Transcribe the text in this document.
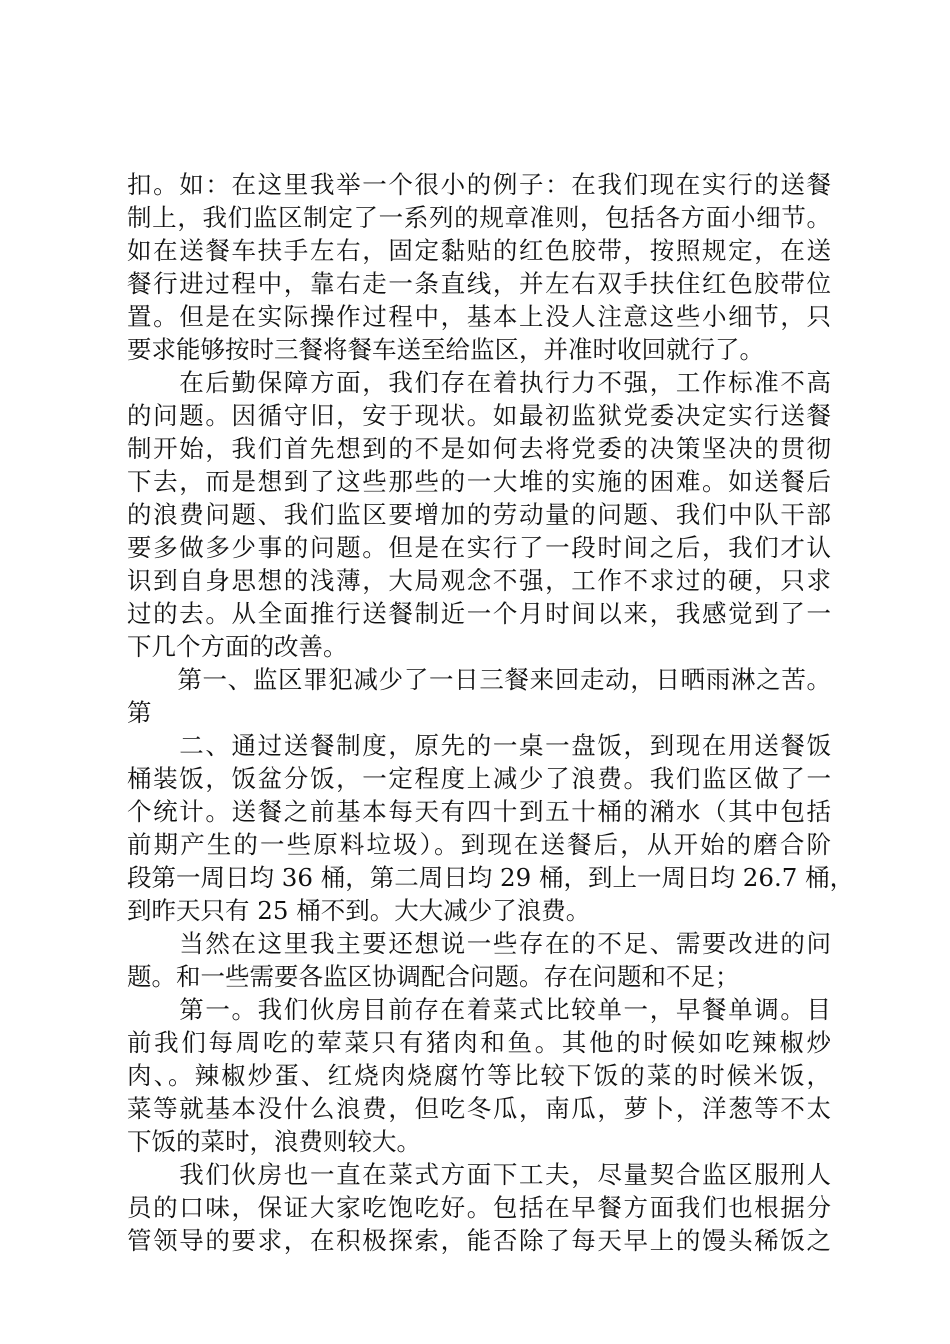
扣。如：在这里我举一个很小的例子：在我们现在实行的送餐
制上，我们监区制定了一系列的规章准则，包括各方面小细节。
如在送餐车扶手左右，固定黏贴的红色胶带，按照规定，在送
餐行进过程中，靠右走一条直线，并左右双手扶住红色胶带位
置。但是在实际操作过程中，基本上没人注意这些小细节，只
要求能够按时三餐将餐车送至给监区，并准时收回就行了。
　　在后勤保障方面，我们存在着执行力不强，工作标准不高
的问题。因循守旧，安于现状。如最初监狱党委决定实行送餐
制开始，我们首先想到的不是如何去将党委的决策坚决的贯彻
下去，而是想到了这些那些的一大堆的实施的困难。如送餐后
的浪费问题、我们监区要增加的劳动量的问题、我们中队干部
要多做多少事的问题。但是在实行了一段时间之后，我们才认
识到自身思想的浅薄，大局观念不强，工作不求过的硬，只求
过的去。从全面推行送餐制近一个月时间以来，我感觉到了一
下几个方面的改善。
　　第一、监区罪犯减少了一日三餐来回走动，日晒雨淋之苦。
第
　　二、通过送餐制度，原先的一桌一盘饭，到现在用送餐饭
桶装饭，饭盆分饭，一定程度上减少了浪费。我们监区做了一
个统计。送餐之前基本每天有四十到五十桶的潲水（其中包括
前期产生的一些原料垃圾）。到现在送餐后，从开始的磨合阶
段第一周日均 36 桶，第二周日均 29 桶，到上一周日均 26.7 桶，
到昨天只有 25 桶不到。大大减少了浪费。
　　当然在这里我主要还想说一些存在的不足、需要改进的问
题。和一些需要各监区协调配合问题。存在问题和不足；
　　第一。我们伙房目前存在着菜式比较单一，早餐单调。目
前我们每周吃的荤菜只有猪肉和鱼。其他的时候如吃辣椒炒
肉、。辣椒炒蛋、红烧肉烧腐竹等比较下饭的菜的时候米饭，
菜等就基本没什么浪费，但吃冬瓜，南瓜，萝卜，洋葱等不太
下饭的菜时，浪费则较大。
　　我们伙房也一直在菜式方面下工夫，尽量契合监区服刑人
员的口味，保证大家吃饱吃好。包括在早餐方面我们也根据分
管领导的要求，在积极探索，能否除了每天早上的馒头稀饭之
